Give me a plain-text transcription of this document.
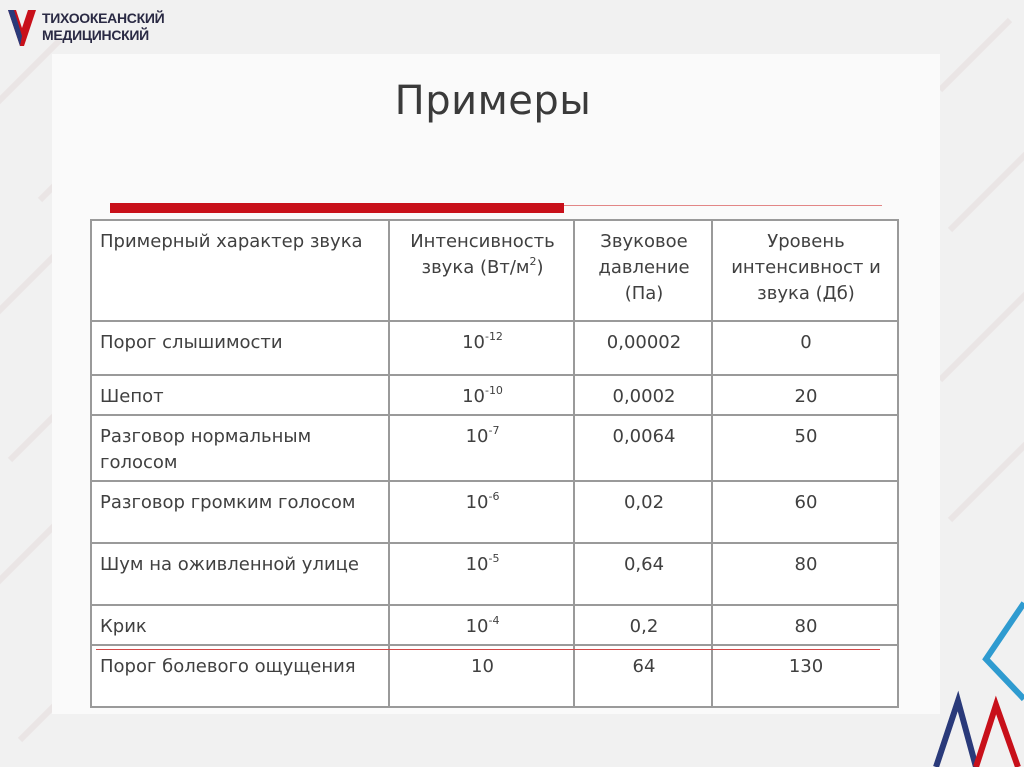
ТИХООКЕАНСКИЙ
МЕДИЦИНСКИЙ
Примеры
Примерный характер звука	Интенсивность звука $(Вт/м^2)$	Звуковое давление (Па)	Уровень интенсивност и звука (Дб)
Порог слышимости	$10^{-12}$	0,00002	0
Шепот	$10^{-10}$	0,0002	20
Разговор нормальным голосом	$10^{-7}$	0,0064	50
Разговор громким голосом	$10^{-6}$	0,02	60
Шум на оживленной улице	$10^{-5}$	0,64	80
Крик	$10^{-4}$	0,2	80
Порог болевого ощущения	10	64	130
